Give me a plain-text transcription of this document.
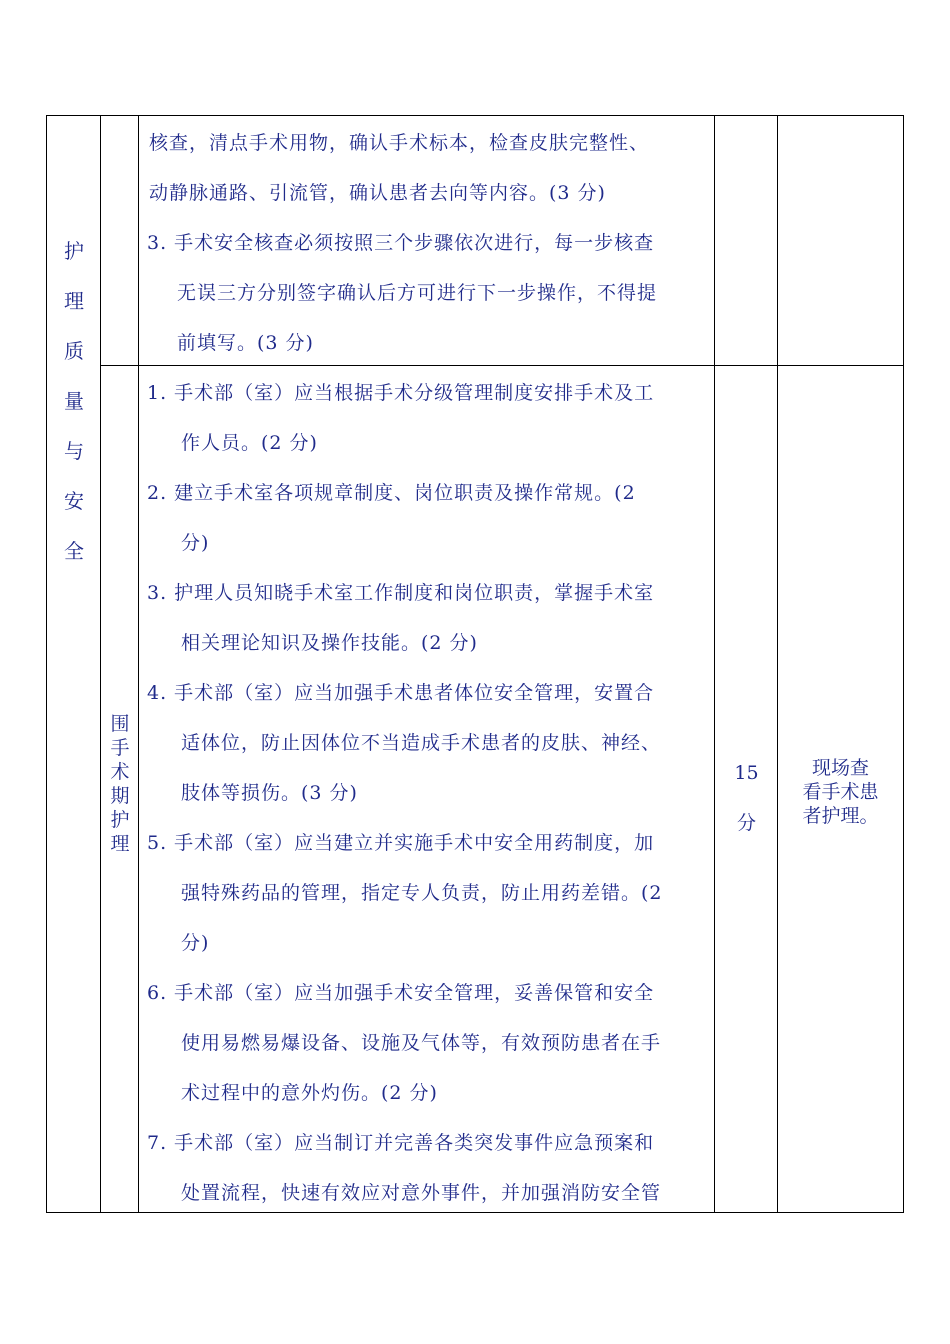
护
理
质
量
与
安
全
围
手
术
期
护
理
核查，清点手术用物，确认手术标本，检查皮肤完整性、
动静脉通路、引流管，确认患者去向等内容。(3 分)
3. 手术安全核查必须按照三个步骤依次进行，每一步核查
无误三方分别签字确认后方可进行下一步操作，不得提
前填写。(3 分)
1. 手术部（室）应当根据手术分级管理制度安排手术及工
作人员。(2 分)
2. 建立手术室各项规章制度、岗位职责及操作常规。(2
分)
3. 护理人员知晓手术室工作制度和岗位职责，掌握手术室
相关理论知识及操作技能。(2 分)
4. 手术部（室）应当加强手术患者体位安全管理，安置合
适体位，防止因体位不当造成手术患者的皮肤、神经、
肢体等损伤。(3 分)
5. 手术部（室）应当建立并实施手术中安全用药制度，加
强特殊药品的管理，指定专人负责，防止用药差错。(2
分)
6. 手术部（室）应当加强手术安全管理，妥善保管和安全
使用易燃易爆设备、设施及气体等，有效预防患者在手
术过程中的意外灼伤。(2 分)
7. 手术部（室）应当制订并完善各类突发事件应急预案和
处置流程，快速有效应对意外事件，并加强消防安全管
15
分
现场查
看手术患
者护理。
